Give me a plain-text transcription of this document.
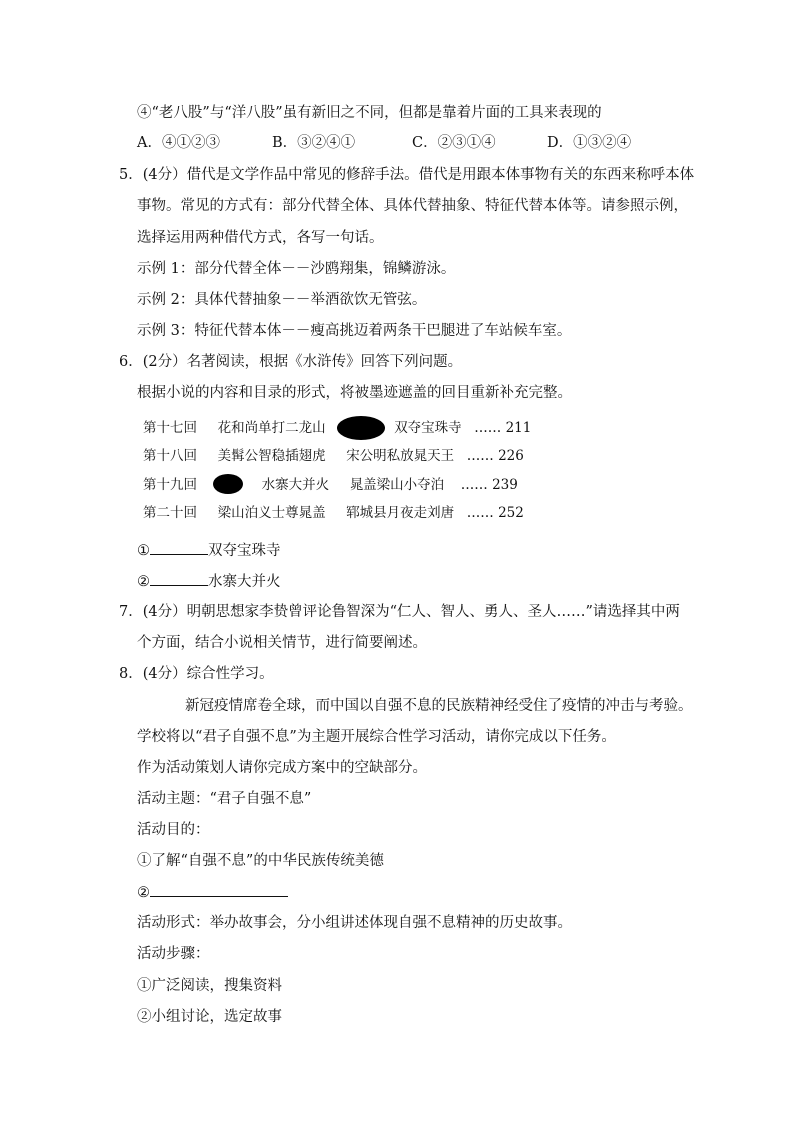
④“老八股”与“洋八股”虽有新旧之不同，但都是靠着片面的工具来表现的
A．④①②③	B．③②④①	C．②③①④	D．①③②④
5．(4分）借代是文学作品中常见的修辞手法。借代是用跟本体事物有关的东西来称呼本体
事物。常见的方式有：部分代替全体、具体代替抽象、特征代替本体等。请参照示例，
选择运用两种借代方式，各写一句话。
示例 1：部分代替全体－－沙鸥翔集，锦鳞游泳。
示例 2：具体代替抽象－－举酒欲饮无管弦。
示例 3：特征代替本体－－瘦高挑迈着两条干巴腿进了车站候车室。
6．(2分）名著阅读，根据《水浒传》回答下列问题。
根据小说的内容和目录的形式，将被墨迹遮盖的回目重新补充完整。
第十七回 花和尚单打二龙山	双夺宝珠寺 …… 211
第十八回 美髯公智稳插翅虎 宋公明私放晁天王 …… 226
第十九回	水寨大并火 晁盖梁山小夺泊 …… 239
第二十回 梁山泊义士尊晁盖 郓城县月夜走刘唐 …… 252
①	双夺宝珠寺
②	水寨大并火
7．(4分）明朝思想家李贽曾评论鲁智深为“仁人、智人、勇人、圣人……”请选择其中两
个方面，结合小说相关情节，进行简要阐述。
8．(4分）综合性学习。
新冠疫情席卷全球，而中国以自强不息的民族精神经受住了疫情的冲击与考验。
学校将以“君子自强不息”为主题开展综合性学习活动，请你完成以下任务。
作为活动策划人请你完成方案中的空缺部分。
活动主题：“君子自强不息”
活动目的：
①了解“自强不息”的中华民族传统美德
②
活动形式：举办故事会，分小组讲述体现自强不息精神的历史故事。
活动步骤：
①广泛阅读，搜集资料
②小组讨论，选定故事
